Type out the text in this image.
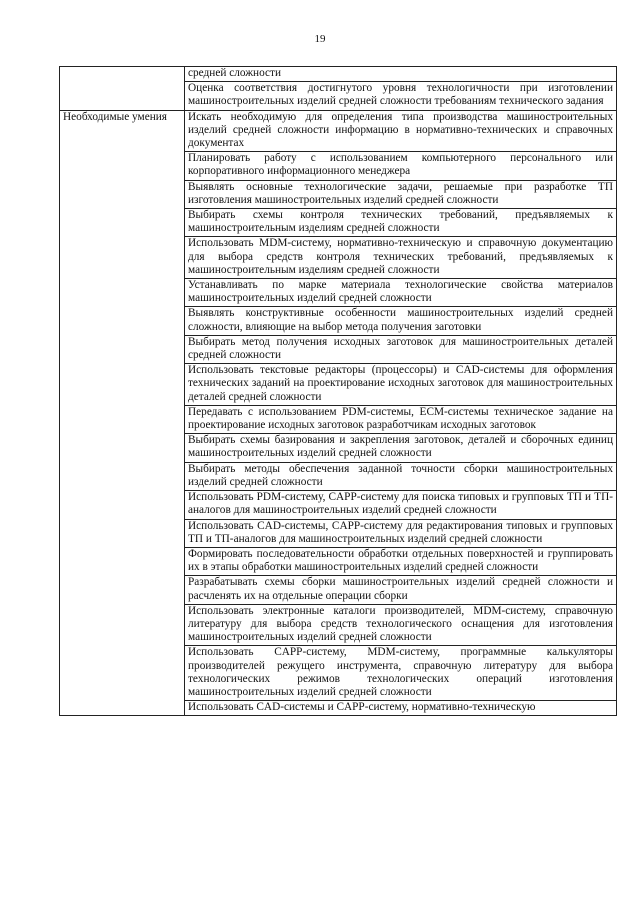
19
	средней сложности
	Оценка соответствия достигнутого уровня технологичности при изготовлении машиностроительных изделий средней сложности требованиям технического задания
Необходимые умения	Искать необходимую для определения типа производства машиностроительных изделий средней сложности информацию в нормативно-технических и справочных документах
	Планировать работу с использованием компьютерного персонального или корпоративного информационного менеджера
	Выявлять основные технологические задачи, решаемые при разработке ТП изготовления машиностроительных изделий средней сложности
	Выбирать схемы контроля технических требований, предъявляемых к машиностроительным изделиям средней сложности
	Использовать MDM-систему, нормативно-техническую и справочную документацию для выбора средств контроля технических требований, предъявляемых к машиностроительным изделиям средней сложности
	Устанавливать по марке материала технологические свойства материалов машиностроительных изделий средней сложности
	Выявлять конструктивные особенности машиностроительных изделий средней сложности, влияющие на выбор метода получения заготовки
	Выбирать метод получения исходных заготовок для машиностроительных деталей средней сложности
	Использовать текстовые редакторы (процессоры) и CAD-системы для оформления технических заданий на проектирование исходных заготовок для машиностроительных деталей средней сложности
	Передавать с использованием PDM-системы, ECM-системы техническое задание на проектирование исходных заготовок разработчикам исходных заготовок
	Выбирать схемы базирования и закрепления заготовок, деталей и сборочных единиц машиностроительных изделий средней сложности
	Выбирать методы обеспечения заданной точности сборки машиностроительных изделий средней сложности
	Использовать PDM-систему, CAPP-систему для поиска типовых и групповых ТП и ТП-аналогов для машиностроительных изделий средней сложности
	Использовать CAD-системы, CAPP-систему для редактирования типовых и групповых ТП и ТП-аналогов для машиностроительных изделий средней сложности
	Формировать последовательности обработки отдельных поверхностей и группировать их в этапы обработки машиностроительных изделий средней сложности
	Разрабатывать схемы сборки машиностроительных изделий средней сложности и расчленять их на отдельные операции сборки
	Использовать электронные каталоги производителей, MDM-систему, справочную литературу для выбора средств технологического оснащения для изготовления машиностроительных изделий средней сложности
	Использовать CAPP-систему, MDM-систему, программные калькуляторы производителей режущего инструмента, справочную литературу для выбора технологических режимов технологических операций изготовления машиностроительных изделий средней сложности
	Использовать CAD-системы и CAPP-систему, нормативно-техническую
